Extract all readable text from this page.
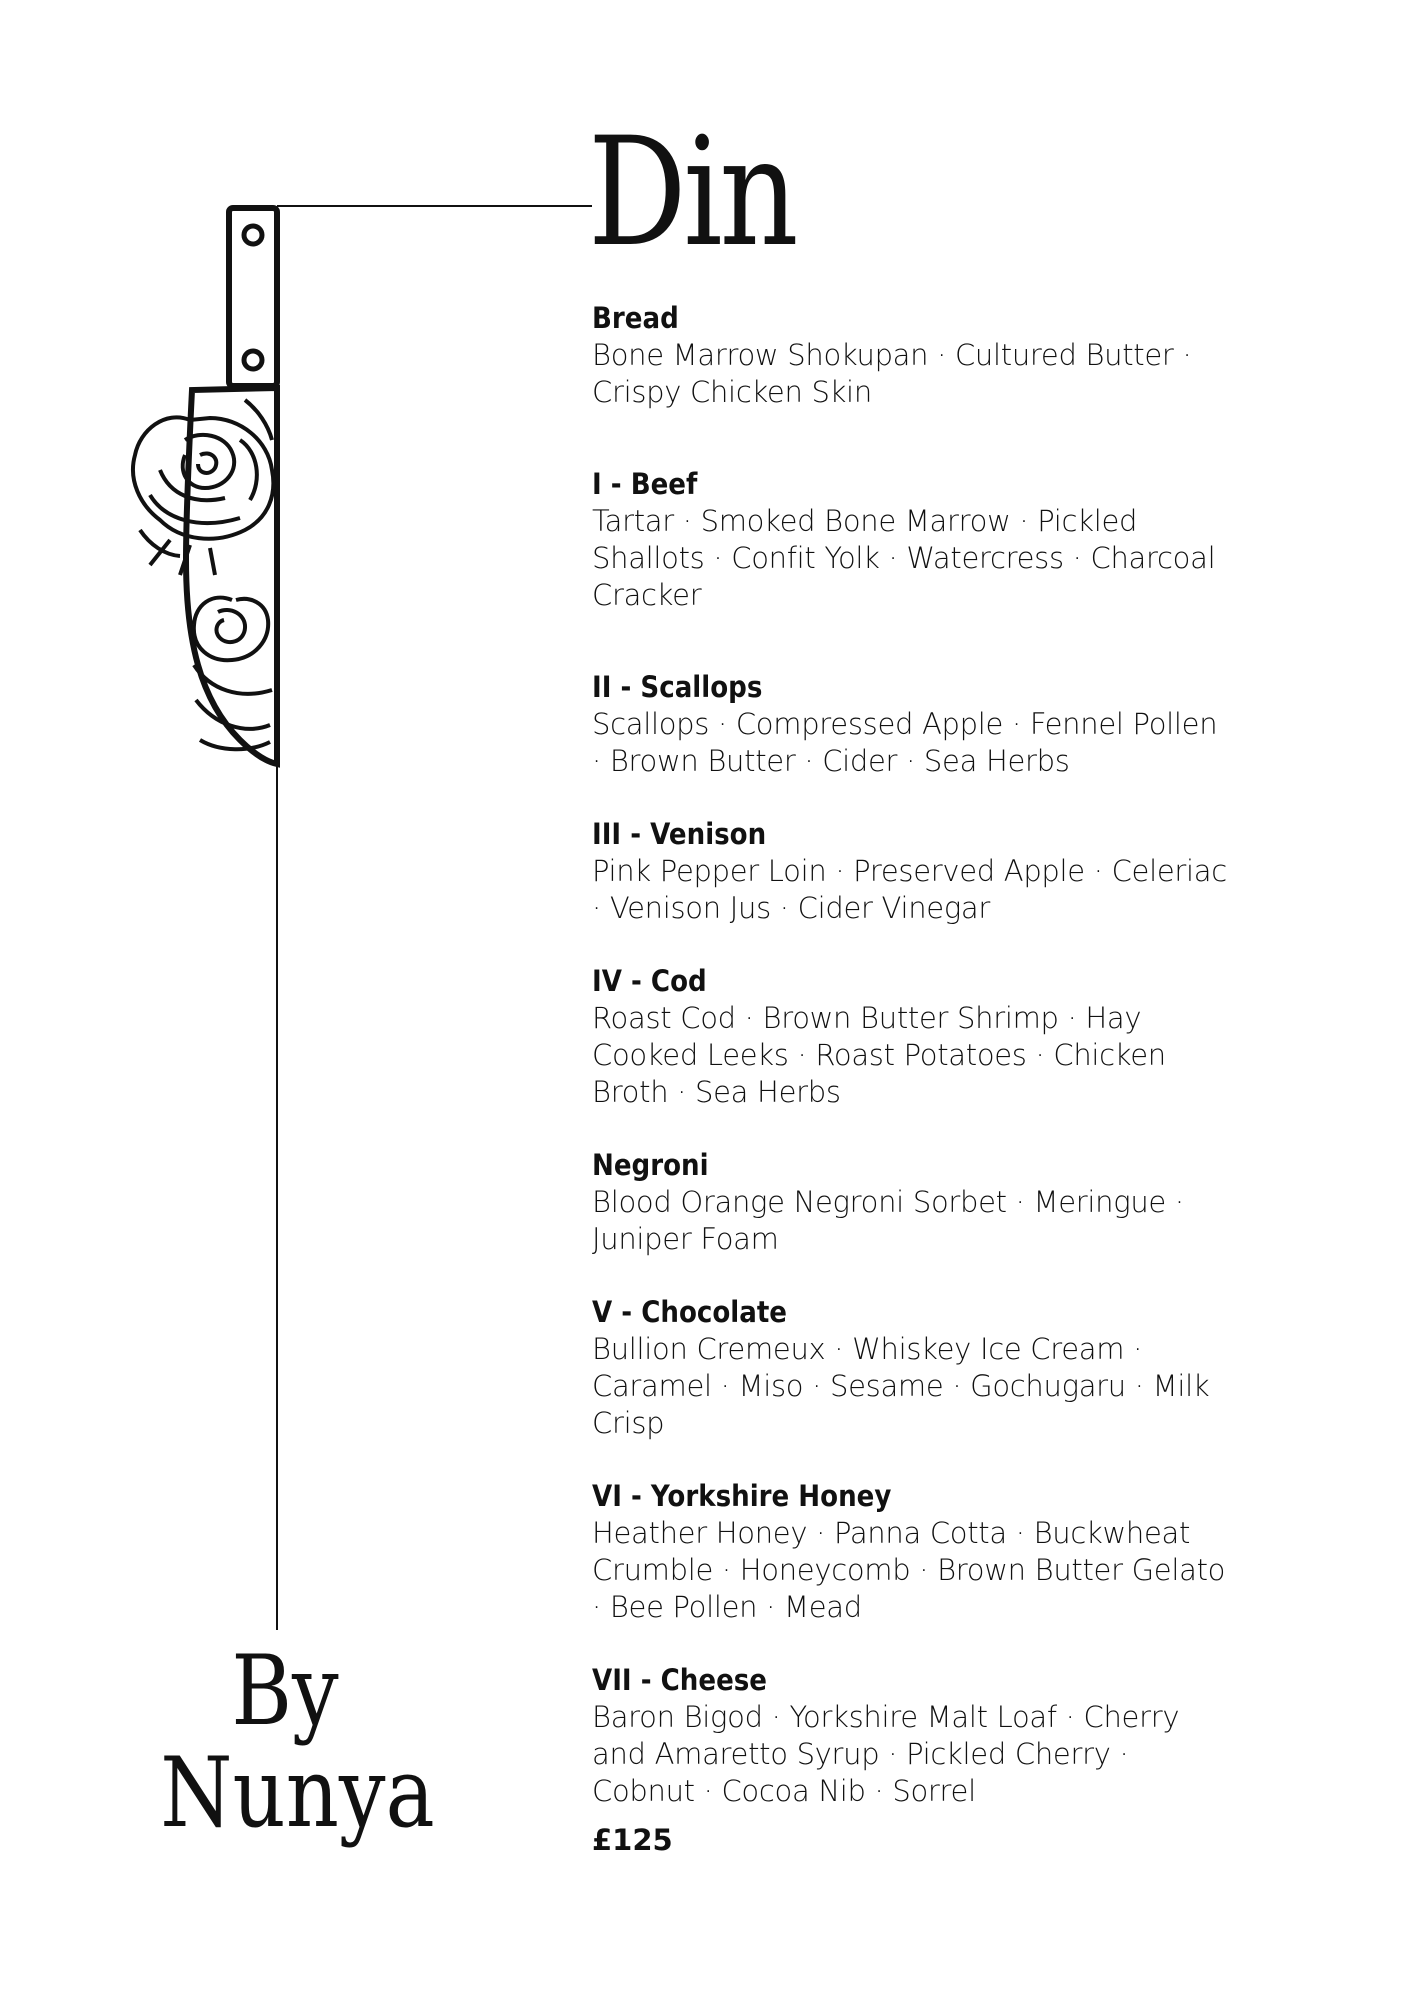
Din
By
Nunya

Bread

Bone Marrow Shokupan · Cultured Butter · Crispy Chicken Skin

I - Beef

Tartar · Smoked Bone Marrow · Pickled Shallots · Confit Yolk · Watercress · Charcoal Cracker

II - Scallops

Scallops · Compressed Apple · Fennel Pollen · Brown Butter · Cider · Sea Herbs

III - Venison

Pink Pepper Loin · Preserved Apple · Celeriac · Venison Jus · Cider Vinegar

IV - Cod

Roast Cod · Brown Butter Shrimp · Hay Cooked Leeks · Roast Potatoes · Chicken Broth · Sea Herbs

Negroni

Blood Orange Negroni Sorbet · Meringue · Juniper Foam

V - Chocolate

Bullion Cremeux · Whiskey Ice Cream · Caramel · Miso · Sesame · Gochugaru · Milk Crisp

VI - Yorkshire Honey

Heather Honey · Panna Cotta · Buckwheat Crumble · Honeycomb · Brown Butter Gelato · Bee Pollen · Mead

VII - Cheese

Baron Bigod · Yorkshire Malt Loaf · Cherry and Amaretto Syrup · Pickled Cherry · Cobnut · Cocoa Nib · Sorrel

£125
